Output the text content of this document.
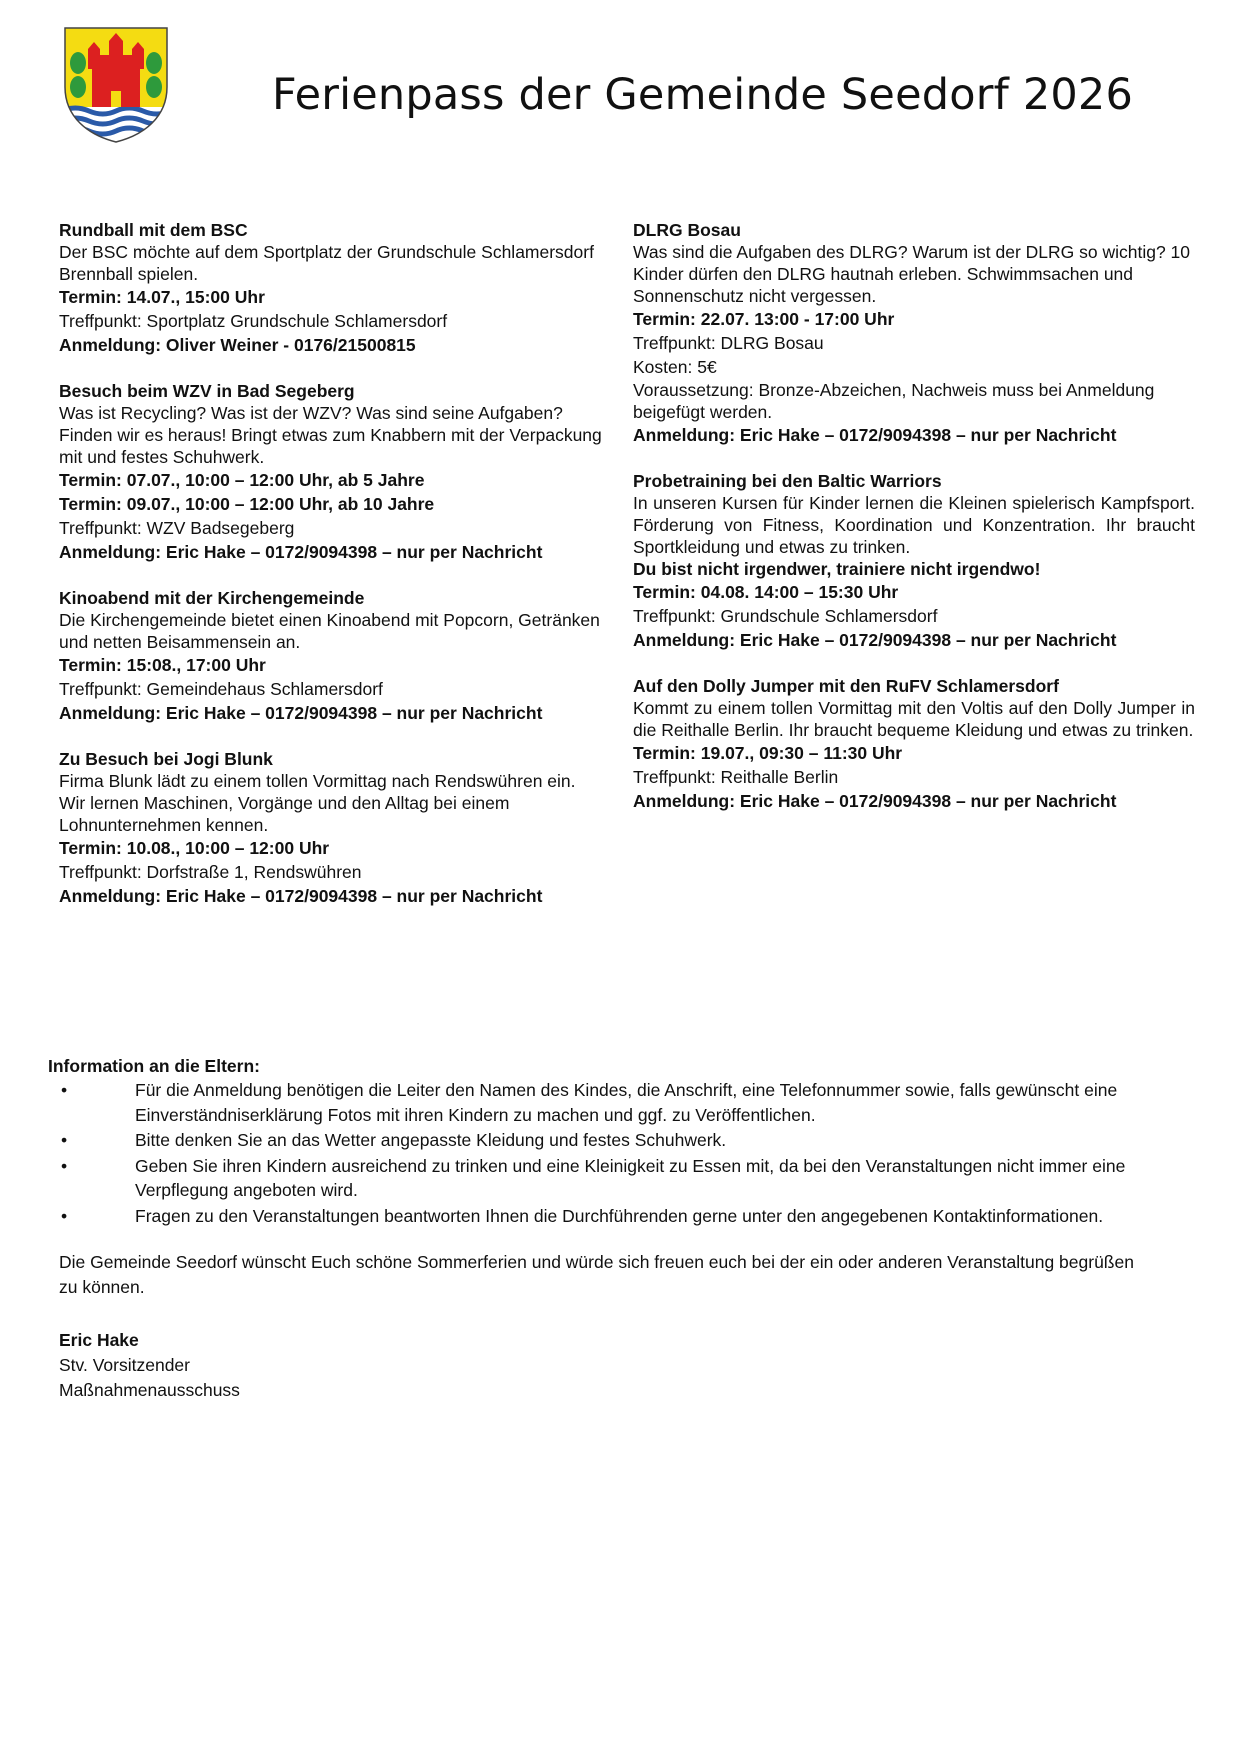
Ferienpass der Gemeinde Seedorf 2026
Rundball mit dem BSC
Der BSC möchte auf dem Sportplatz der Grundschule Schlamersdorf Brennball spielen.
Termin: 14.07., 15:00 Uhr
Treffpunkt: Sportplatz Grundschule Schlamersdorf
Anmeldung: Oliver Weiner - 0176/21500815
Besuch beim WZV in Bad Segeberg
Was ist Recycling? Was ist der WZV? Was sind seine Aufgaben? Finden wir es heraus! Bringt etwas zum Knabbern mit der Verpackung mit und festes Schuhwerk.
Termin: 07.07., 10:00 – 12:00 Uhr, ab 5 Jahre
Termin: 09.07., 10:00 – 12:00 Uhr, ab 10 Jahre
Treffpunkt: WZV Badsegeberg
Anmeldung: Eric Hake – 0172/9094398 – nur per Nachricht
Kinoabend mit der Kirchengemeinde
Die Kirchengemeinde bietet einen Kinoabend mit Popcorn, Getränken und netten Beisammensein an.
Termin: 15:08., 17:00 Uhr
Treffpunkt: Gemeindehaus Schlamersdorf
Anmeldung: Eric Hake – 0172/9094398 – nur per Nachricht
Zu Besuch bei Jogi Blunk
Firma Blunk lädt zu einem tollen Vormittag nach Rendswühren ein. Wir lernen Maschinen, Vorgänge und den Alltag bei einem Lohnunternehmen kennen.
Termin: 10.08., 10:00 – 12:00 Uhr
Treffpunkt: Dorfstraße 1, Rendswühren
Anmeldung: Eric Hake – 0172/9094398 – nur per Nachricht
DLRG Bosau
Was sind die Aufgaben des DLRG? Warum ist der DLRG so wichtig? 10 Kinder dürfen den DLRG hautnah erleben. Schwimmsachen und Sonnenschutz nicht vergessen.
Termin: 22.07. 13:00 - 17:00 Uhr
Treffpunkt: DLRG Bosau
Kosten: 5€
Voraussetzung: Bronze-Abzeichen, Nachweis muss bei Anmeldung beigefügt werden.
Anmeldung: Eric Hake – 0172/9094398 – nur per Nachricht
Probetraining bei den Baltic Warriors
In unseren Kursen für Kinder lernen die Kleinen spielerisch Kampfsport. Förderung von Fitness, Koordination und Konzentration. Ihr braucht Sportkleidung und etwas zu trinken.
Du bist nicht irgendwer, trainiere nicht irgendwo!
Termin: 04.08. 14:00 – 15:30 Uhr
Treffpunkt: Grundschule Schlamersdorf
Anmeldung: Eric Hake – 0172/9094398 – nur per Nachricht
Auf den Dolly Jumper mit den RuFV Schlamersdorf
Kommt zu einem tollen Vormittag mit den Voltis auf den Dolly Jumper in die Reithalle Berlin. Ihr braucht bequeme Kleidung und etwas zu trinken.
Termin: 19.07., 09:30 – 11:30 Uhr
Treffpunkt: Reithalle Berlin
Anmeldung: Eric Hake – 0172/9094398 – nur per Nachricht
Information an die Eltern:
•	Für die Anmeldung benötigen die Leiter den Namen des Kindes, die Anschrift, eine Telefonnummer sowie, falls gewünscht eine Einverständniserklärung Fotos mit ihren Kindern zu machen und ggf. zu Veröffentlichen.
•	Bitte denken Sie an das Wetter angepasste Kleidung und festes Schuhwerk.
•	Geben Sie ihren Kindern ausreichend zu trinken und eine Kleinigkeit zu Essen mit, da bei den Veranstaltungen nicht immer eine Verpflegung angeboten wird.
•	Fragen zu den Veranstaltungen beantworten Ihnen die Durchführenden gerne unter den angegebenen Kontaktinformationen.
Die Gemeinde Seedorf wünscht Euch schöne Sommerferien und würde sich freuen euch bei der ein oder anderen Veranstaltung begrüßen zu können.
Eric Hake
Stv. Vorsitzender
Maßnahmenausschuss
